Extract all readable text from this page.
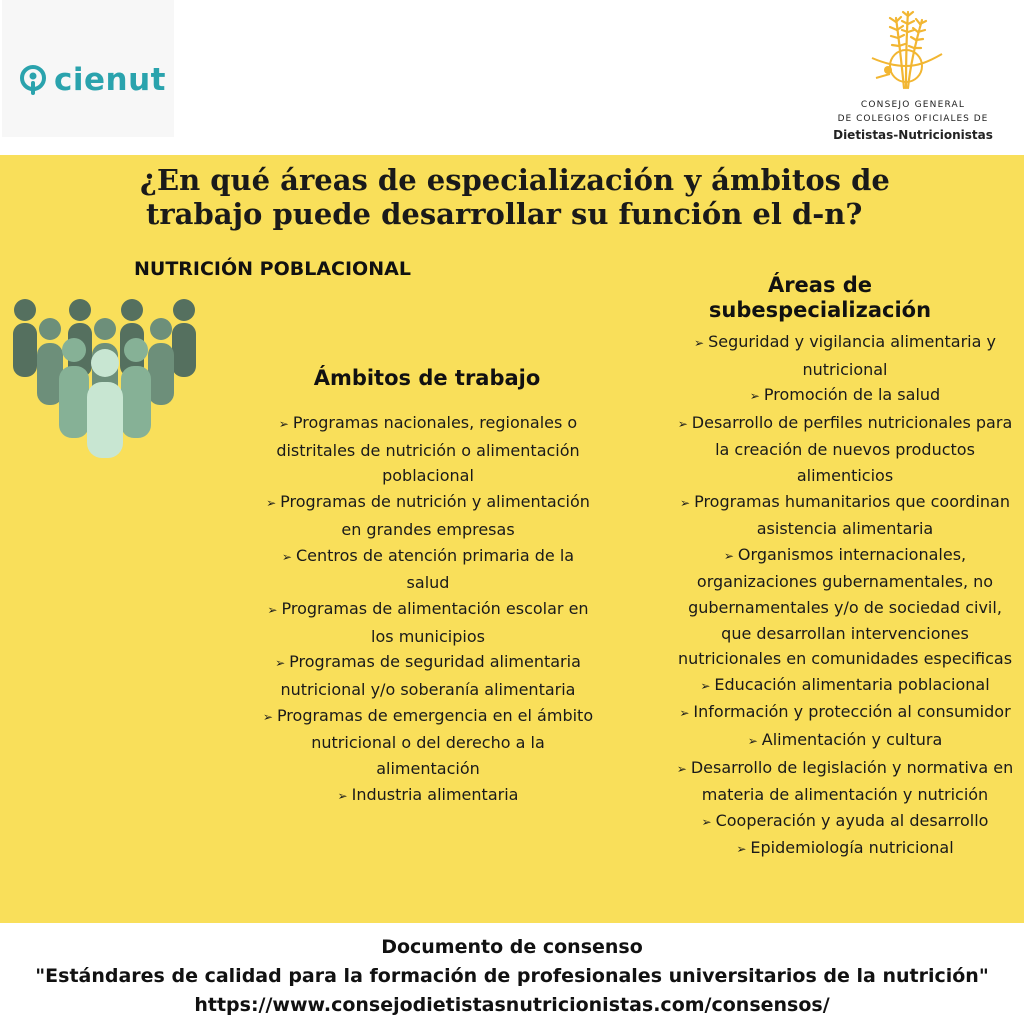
cienut
CONSEJO GENERAL
DE COLEGIOS OFICIALES DE
Dietistas-Nutricionistas
¿En qué áreas de especialización y ámbitos de
trabajo puede desarrollar su función el d-n?
NUTRICIÓN POBLACIONAL
Ámbitos de trabajo
➢ Programas nacionales, regionales o distritales de nutrición o alimentación poblacional
➢ Programas de nutrición y alimentación en grandes empresas
➢ Centros de atención primaria de la salud
➢ Programas de alimentación escolar en los municipios
➢ Programas de seguridad alimentaria nutricional y/o soberanía alimentaria
➢ Programas de emergencia en el ámbito nutricional o del derecho a la alimentación
➢ Industria alimentaria
Áreas de
subespecialización
➢ Seguridad y vigilancia alimentaria y nutricional
➢ Promoción de la salud
➢ Desarrollo de perfiles nutricionales para la creación de nuevos productos alimenticios
➢ Programas humanitarios que coordinan asistencia alimentaria
➢ Organismos internacionales, organizaciones gubernamentales, no gubernamentales y/o de sociedad civil, que desarrollan intervenciones nutricionales en comunidades especificas
➢ Educación alimentaria poblacional
➢ Información y protección al consumidor
➢ Alimentación y cultura
➢ Desarrollo de legislación y normativa en materia de alimentación y nutrición
➢ Cooperación y ayuda al desarrollo
➢ Epidemiología nutricional
Documento de consenso
"Estándares de calidad para la formación de profesionales universitarios de la nutrición"
https://www.consejodietistasnutricionistas.com/consensos/
